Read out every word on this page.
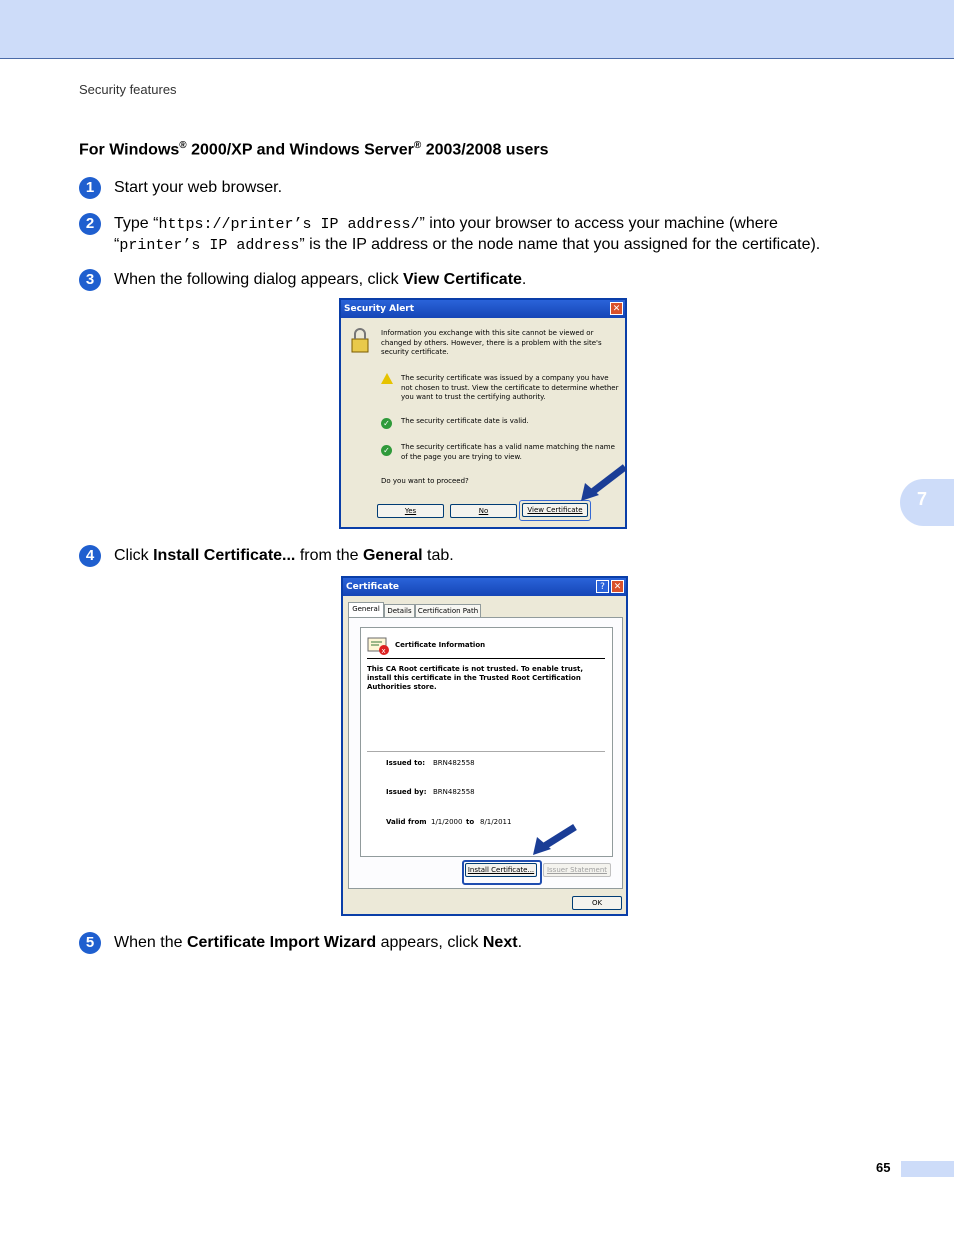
Security features
For Windows® 2000/XP and Windows Server® 2003/2008 users
1	Start your web browser.
2	Type “https://printer’s IP address/” into your browser to access your machine (where
“printer’s IP address” is the IP address or the node name that you assigned for the certificate).
3	When the following dialog appears, click View Certificate.
Security Alert	✕
Information you exchange with this site cannot be viewed or changed by others. However, there is a problem with the site's security certificate.
The security certificate was issued by a company you have not chosen to trust. View the certificate to determine whether you want to trust the certifying authority.
✓	The security certificate date is valid.
✓	The security certificate has a valid name matching the name of the page you are trying to view.
Do you want to proceed?
Yes	No	View Certificate
4	Click Install Certificate... from the General tab.
Certificate	? ✕
General	Details Certification Path
x
Certificate Information
This CA Root certificate is not trusted. To enable trust, install this certificate in the Trusted Root Certification Authorities store.
Issued to: BRN482558
Issued by: BRN482558
Valid from 1/1/2000 to 8/1/2011
Install Certificate...	Issuer Statement
OK
5	When the Certificate Import Wizard appears, click Next.
7
65
